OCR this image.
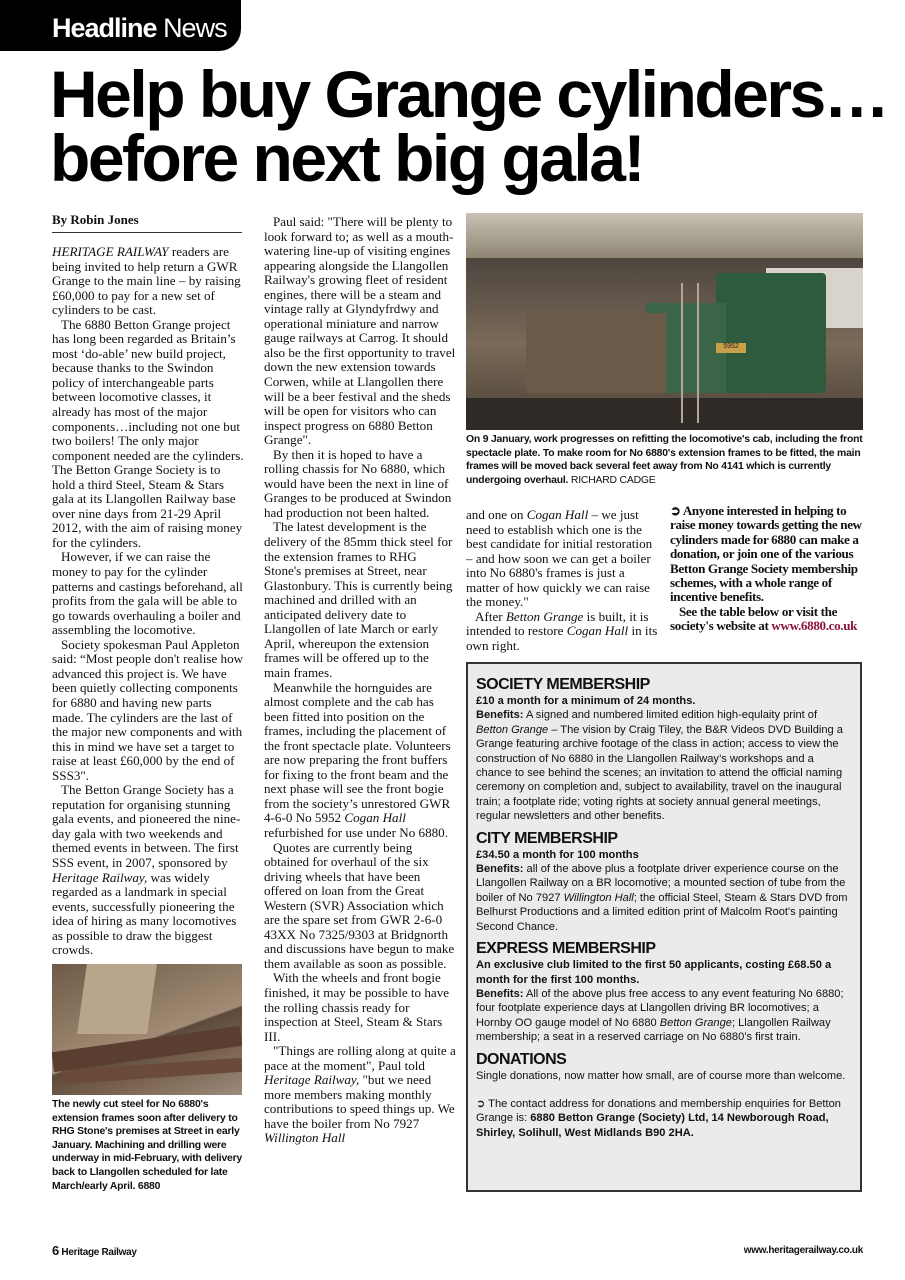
Headline News
Help buy Grange cylinders…
before next big gala!
By Robin Jones

HERITAGE RAILWAY readers are being invited to help return a GWR Grange to the main line – by raising £60,000 to pay for a new set of cylinders to be cast.

The 6880 Betton Grange project has long been regarded as Britain’s most ‘do-able’ new build project, because thanks to the Swindon policy of interchangeable parts between locomotive classes, it already has most of the major components…including not one but two boilers! The only major component needed are the cylinders. The Betton Grange Society is to hold a third Steel, Steam & Stars gala at its Llangollen Railway base over nine days from 21-29 April 2012, with the aim of raising money for the cylinders.

However, if we can raise the money to pay for the cylinder patterns and castings beforehand, all profits from the gala will be able to go towards overhauling a boiler and assembling the locomotive.

Society spokesman Paul Appleton said: “Most people don't realise how advanced this project is. We have been quietly collecting components for 6880 and having new parts made. The cylinders are the last of the major new components and with this in mind we have set a target to raise at least £60,000 by the end of SSS3".

The Betton Grange Society has a reputation for organising stunning gala events, and pioneered the nine-day gala with two weekends and themed events in between. The first SSS event, in 2007, sponsored by Heritage Railway, was widely regarded as a landmark in special events, successfully pioneering the idea of hiring as many locomotives as possible to draw the biggest crowds.

The newly cut steel for No 6880's extension frames soon after delivery to RHG Stone's premises at Street in early January. Machining and drilling were underway in mid-February, with delivery back to Llangollen scheduled for late March/early April. 6880

Paul said: "There will be plenty to look forward to; as well as a mouth-watering line-up of visiting engines appearing alongside the Llangollen Railway's growing fleet of resident engines, there will be a steam and vintage rally at Glyndyfrdwy and operational miniature and narrow gauge railways at Carrog. It should also be the first opportunity to travel down the new extension towards Corwen, while at Llangollen there will be a beer festival and the sheds will be open for visitors who can inspect progress on 6880 Betton Grange".

By then it is hoped to have a rolling chassis for No 6880, which would have been the next in line of Granges to be produced at Swindon had production not been halted.

The latest development is the delivery of the 85mm thick steel for the extension frames to RHG Stone's premises at Street, near Glastonbury. This is currently being machined and drilled with an anticipated delivery date to Llangollen of late March or early April, whereupon the extension frames will be offered up to the main frames.

Meanwhile the hornguides are almost complete and the cab has been fitted into position on the frames, including the placement of the front spectacle plate. Volunteers are now preparing the front buffers for fixing to the front beam and the next phase will see the front bogie from the society’s unrestored GWR 4-6-0 No 5952 Cogan Hall refurbished for use under No 6880.

Quotes are currently being obtained for overhaul of the six driving wheels that have been offered on loan from the Great Western (SVR) Association which are the spare set from GWR 2-6-0 43XX No 7325/9303 at Bridgnorth and discussions have begun to make them available as soon as possible.

With the wheels and front bogie finished, it may be possible to have the rolling chassis ready for inspection at Steel, Steam & Stars III.

"Things are rolling along at quite a pace at the moment", Paul told Heritage Railway, "but we need more members making monthly contributions to speed things up. We have the boiler from No 7927 Willington Hall

5952
On 9 January, work progresses on refitting the locomotive's cab, including the front spectacle plate. To make room for No 6880's extension frames to be fitted, the main frames will be moved back several feet away from No 4141 which is currently undergoing overhaul. RICHARD CADGE

and one on Cogan Hall – we just need to establish which one is the best candidate for initial restoration – and how soon we can get a boiler into No 6880's frames is just a matter of how quickly we can raise the money."

After Betton Grange is built, it is intended to restore Cogan Hall in its own right.

➲ Anyone interested in helping to raise money towards getting the new cylinders made for 6880 can make a donation, or join one of the various Betton Grange Society membership schemes, with a whole range of incentive benefits.

See the table below or visit the society's website at www.6880.co.uk

SOCIETY MEMBERSHIP

£10 a month for a minimum of 24 months.

Benefits: A signed and numbered limited edition high-equlaity print of Betton Grange – The vision by Craig Tiley, the B&R Videos DVD Building a Grange featuring archive footage of the class in action; access to view the construction of No 6880 in the Llangollen Railway’s workshops and a chance to see behind the scenes; an invitation to attend the official naming ceremony on completion and, subject to availability, travel on the inaugural train; a footplate ride; voting rights at society annual general meetings, regular newsletters and other benefits.

CITY MEMBERSHIP

£34.50 a month for 100 months

Benefits: all of the above plus a footplate driver experience course on the Llangollen Railway on a BR locomotive; a mounted section of tube from the boiler of No 7927 Willington Hall; the official Steel, Steam & Stars DVD from Belhurst Productions and a limited edition print of Malcolm Root's painting Second Chance.

EXPRESS MEMBERSHIP

An exclusive club limited to the first 50 applicants, costing £68.50 a month for the first 100 months.

Benefits: All of the above plus free access to any event featuring No 6880; four footplate experience days at Llangollen driving BR locomotives; a Hornby OO gauge model of No 6880 Betton Grange; Llangollen Railway membership; a seat in a reserved carriage on No 6880’s first train.

DONATIONS

Single donations, now matter how small, are of course more than welcome.

➲ The contact address for donations and membership enquiries for Betton Grange is: 6880 Betton Grange (Society) Ltd, 14 Newborough Road, Shirley, Solihull, West Midlands B90 2HA.

6 Heritage Railway	www.heritagerailway.co.uk
